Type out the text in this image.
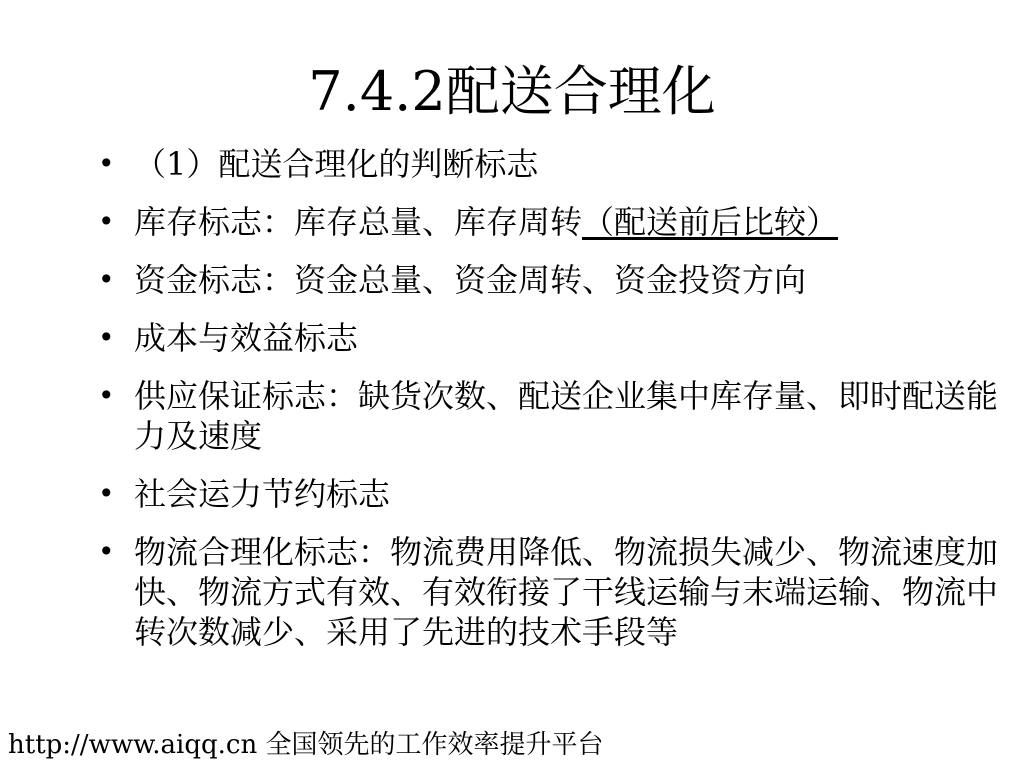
7.4.2配送合理化
• （1）配送合理化的判断标志
• 库存标志：库存总量、库存周转（配送前后比较）
• 资金标志：资金总量、资金周转、资金投资方向
• 成本与效益标志
• 供应保证标志：缺货次数、配送企业集中库存量、即时配送能力及速度
• 社会运力节约标志
• 物流合理化标志：物流费用降低、物流损失减少、物流速度加快、物流方式有效、有效衔接了干线运输与末端运输、物流中转次数减少、采用了先进的技术手段等
http://www.aiqq.cn 全国领先的工作效率提升平台
